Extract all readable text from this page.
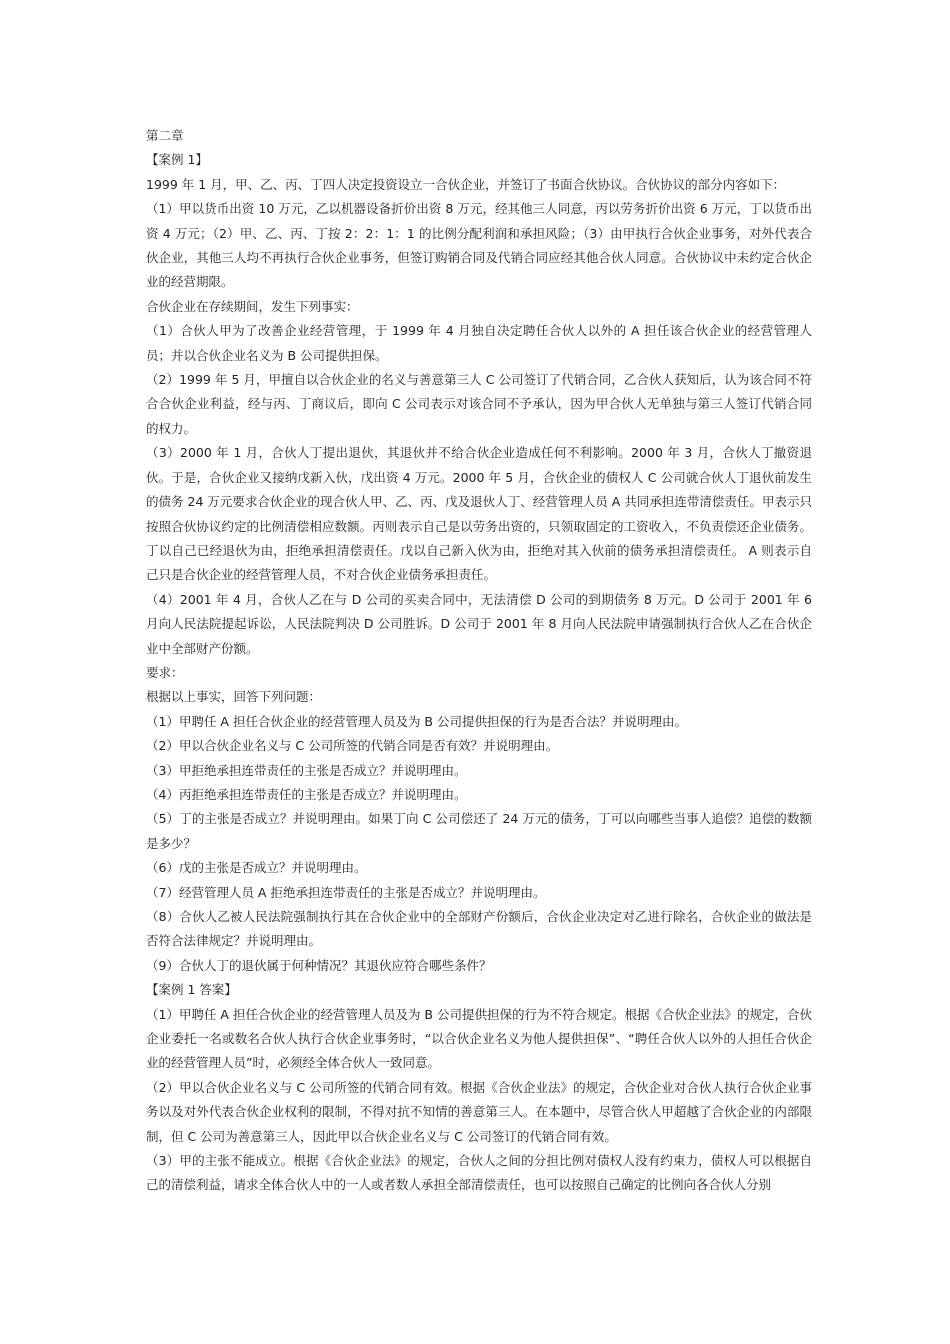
第二章

【案例 1】

1999 年 1 月，甲、乙、丙、丁四人决定投资设立一合伙企业，并签订了书面合伙协议。合伙协议的部分内容如下：

（1）甲以货币出资 10 万元，乙以机器设备折价出资 8 万元，经其他三人同意，丙以劳务折价出资 6 万元，丁以货币出资 4 万元；（2）甲、乙、丙、丁按 2：2：1：1 的比例分配利润和承担风险；（3）由甲执行合伙企业事务，对外代表合伙企业，其他三人均不再执行合伙企业事务，但签订购销合同及代销合同应经其他合伙人同意。合伙协议中未约定合伙企业的经营期限。

合伙企业在存续期间，发生下列事实：

（1）合伙人甲为了改善企业经营管理，于 1999 年 4 月独自决定聘任合伙人以外的 A 担任该合伙企业的经营管理人员；并以合伙企业名义为 B 公司提供担保。

（2）1999 年 5 月，甲擅自以合伙企业的名义与善意第三人 C 公司签订了代销合同，乙合伙人获知后，认为该合同不符合合伙企业利益，经与丙、丁商议后，即向 C 公司表示对该合同不予承认，因为甲合伙人无单独与第三人签订代销合同的权力。

（3）2000 年 1 月，合伙人丁提出退伙，其退伙并不给合伙企业造成任何不利影响。2000 年 3 月，合伙人丁撤资退伙。于是，合伙企业又接纳戊新入伙，戊出资 4 万元。2000 年 5 月，合伙企业的债权人 C 公司就合伙人丁退伙前发生的债务 24 万元要求合伙企业的现合伙人甲、乙、丙、戊及退伙人丁、经营管理人员 A 共同承担连带清偿责任。甲表示只按照合伙协议约定的比例清偿相应数额。丙则表示自己是以劳务出资的，只领取固定的工资收入，不负责偿还企业债务。丁以自己已经退伙为由，拒绝承担清偿责任。戊以自己新入伙为由，拒绝对其入伙前的债务承担清偿责任。 A 则表示自己只是合伙企业的经营管理人员，不对合伙企业债务承担责任。

（4）2001 年 4 月，合伙人乙在与 D 公司的买卖合同中，无法清偿 D 公司的到期债务 8 万元。D 公司于 2001 年 6 月向人民法院提起诉讼，人民法院判决 D 公司胜诉。D 公司于 2001 年 8 月向人民法院申请强制执行合伙人乙在合伙企业中全部财产份额。

要求：

根据以上事实，回答下列问题：

（1）甲聘任 A 担任合伙企业的经营管理人员及为 B 公司提供担保的行为是否合法？并说明理由。

（2）甲以合伙企业名义与 C 公司所签的代销合同是否有效？并说明理由。

（3）甲拒绝承担连带责任的主张是否成立？并说明理由。

（4）丙拒绝承担连带责任的主张是否成立？并说明理由。

（5）丁的主张是否成立？并说明理由。如果丁向 C 公司偿还了 24 万元的债务，丁可以向哪些当事人追偿？追偿的数额是多少？

（6）戊的主张是否成立？并说明理由。

（7）经营管理人员 A 拒绝承担连带责任的主张是否成立？并说明理由。

（8）合伙人乙被人民法院强制执行其在合伙企业中的全部财产份额后，合伙企业决定对乙进行除名，合伙企业的做法是否符合法律规定？并说明理由。

（9）合伙人丁的退伙属于何种情况？其退伙应符合哪些条件？

【案例 1 答案】

（1）甲聘任 A 担任合伙企业的经营管理人员及为 B 公司提供担保的行为不符合规定。根据《合伙企业法》的规定，合伙企业委托一名或数名合伙人执行合伙企业事务时，“以合伙企业名义为他人提供担保”、“聘任合伙人以外的人担任合伙企业的经营管理人员”时，必须经全体合伙人一致同意。

（2）甲以合伙企业名义与 C 公司所签的代销合同有效。根据《合伙企业法》的规定，合伙企业对合伙人执行合伙企业事务以及对外代表合伙企业权利的限制，不得对抗不知情的善意第三人。在本题中，尽管合伙人甲超越了合伙企业的内部限制，但 C 公司为善意第三人，因此甲以合伙企业名义与 C 公司签订的代销合同有效。

（3）甲的主张不能成立。根据《合伙企业法》的规定，合伙人之间的分担比例对债权人没有约束力，债权人可以根据自己的清偿利益，请求全体合伙人中的一人或者数人承担全部清偿责任，也可以按照自己确定的比例向各合伙人分别
